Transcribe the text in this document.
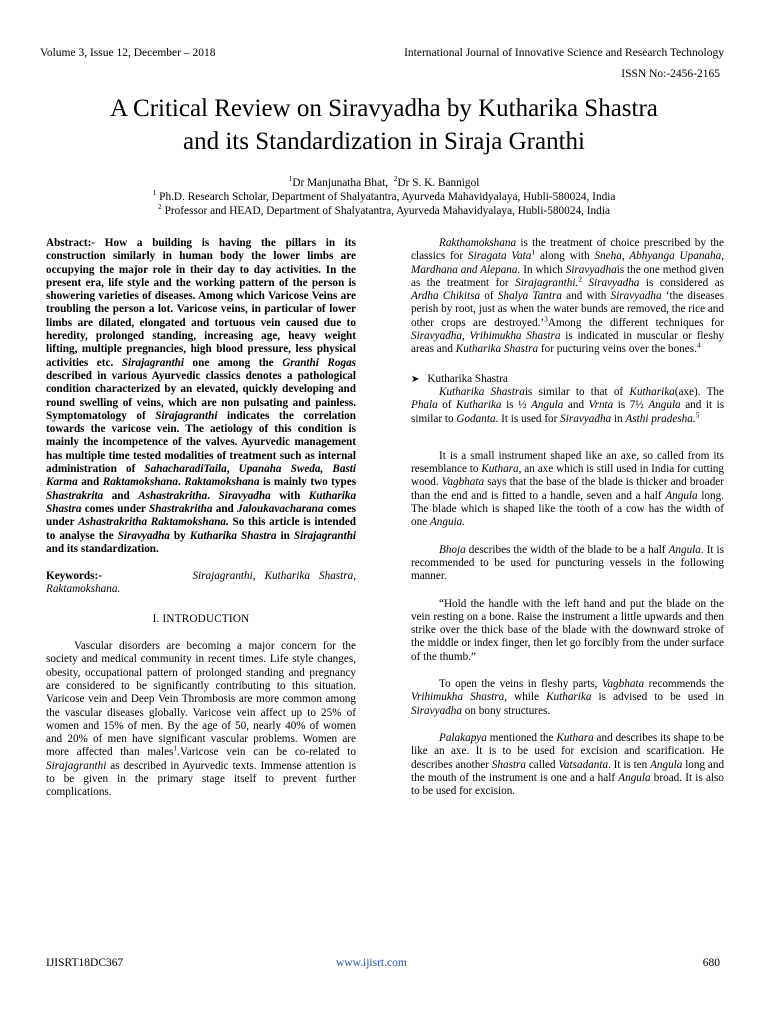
Volume 3, Issue 12, December – 2018	International Journal of Innovative Science and Research Technology
ISSN No:-2456-2165
A Critical Review on Siravyadha by Kutharika Shastra
and its Standardization in Siraja Granthi
$^1$Dr Manjunatha Bhat, $^2$Dr S. K. Bannigol
$^1$ Ph.D. Research Scholar, Department of Shalyatantra, Ayurveda Mahavidyalaya, Hubli-580024, India
$^2$ Professor and HEAD, Department of Shalyatantra, Ayurveda Mahavidyalaya, Hubli-580024, India

Abstract:- How a building is having the pillars in its construction similarly in human body the lower limbs are occupying the major role in their day to day activities. In the present era, life style and the working pattern of the person is showering varieties of diseases. Among which Varicose Veins are troubling the person a lot. Varicose veins, in particular of lower limbs are dilated, elongated and tortuous vein caused due to heredity, prolonged standing, increasing age, heavy weight lifting, multiple pregnancies, high blood pressure, less physical activities etc. Sirajagranthi one among the Granthi Rogas described in various Ayurvedic classics denotes a pathological condition characterized by an elevated, quickly developing and round swelling of veins, which are non pulsating and painless. Symptomatology of Sirajagranthi indicates the correlation towards the varicose vein. The aetiology of this condition is mainly the incompetence of the valves. Ayurvedic management has multiple time tested modalities of treatment such as internal administration of SahacharadiTaila, Upanaha Sweda, Basti Karma and Raktamokshana. Raktamokshana is mainly two types Shastrakrita and Ashastrakritha. Siravyadha with Kutharika Shastra comes under Shastrakritha and Jaloukavacharana comes under Ashastrakritha Raktamokshana. So this article is intended to analyse the Siravyadha by Kutharika Shastra in Sirajagranthi and its standardization.

Keywords:-	Sirajagranthi, Kutharika Shastra, Raktamokshana.

I. INTRODUCTION

Vascular disorders are becoming a major concern for the society and medical community in recent times. Life style changes, obesity, occupational pattern of prolonged standing and pregnancy are considered to be significantly contributing to this situation. Varicose vein and Deep Vein Thrombosis are more common among the vascular diseases globally. Varicose vein affect up to 25% of women and 15% of men. By the age of 50, nearly 40% of women and 20% of men have significant vascular problems. Women are more affected than males$^1$.Varicose vein can be co-related to Sirajagranthi as described in Ayurvedic texts. Immense attention is to be given in the primary stage itself to prevent further complications.

Rakthamokshana is the treatment of choice prescribed by the classics for Siragata Vata$^1$ along with Sneha, Abhyanga Upanaha, Mardhana and Alepana. In which Siravyadhais the one method given as the treatment for Sirajagranthi.$^2$ Siravyadha is considered as Ardha Chikitsa of Shalya Tantra and with Siravyadha ‘the diseases perish by root, just as when the water bunds are removed, the rice and other crops are destroyed.’$^3$Among the different techniques for Siravyadha, Vrihimukha Shastra is indicated in muscular or fleshy areas and Kutharika Shastra for pucturing veins over the bones.$^4$

➤ Kutharika Shastra

Kutharika Shastrais similar to that of Kutharika(axe). The Phala of Kutharika is ½ Angula and Vrnta is 7½ Angula and it is similar to Godanta. It is used for Siravyadha in Asthi pradesha.$^5$

It is a small instrument shaped like an axe, so called from its resemblance to Kuthara, an axe which is still used in India for cutting wood. Vagbhata says that the base of the blade is thicker and broader than the end and is fitted to a handle, seven and a half Angula long. The blade which is shaped like the tooth of a cow has the width of one Anguia.

Bhoja describes the width of the blade to be a half Angula. It is recommended to be used for puncturing vessels in the following manner.

“Hold the handle with the left hand and put the blade on the vein resting on a bone. Raise the instrument a little upwards and then strike over the thick base of the blade with the downward stroke of the middle or index finger, then let go forcibly from the under surface of the thumb.”

To open the veins in fleshy parts, Vagbhata recommends the Vrihimukha Shastra, while Kutharika is advised to be used in Siravyadha on bony structures.

Palakapya mentioned the Kuthara and describes its shape to be like an axe. It is to be used for excision and scarification. He describes another Shastra called Vatsadanta. It is ten Angula long and the mouth of the instrument is one and a half Angula broad. It is also to be used for excision.

IJISRT18DC367	www.ijisrt.com	680
